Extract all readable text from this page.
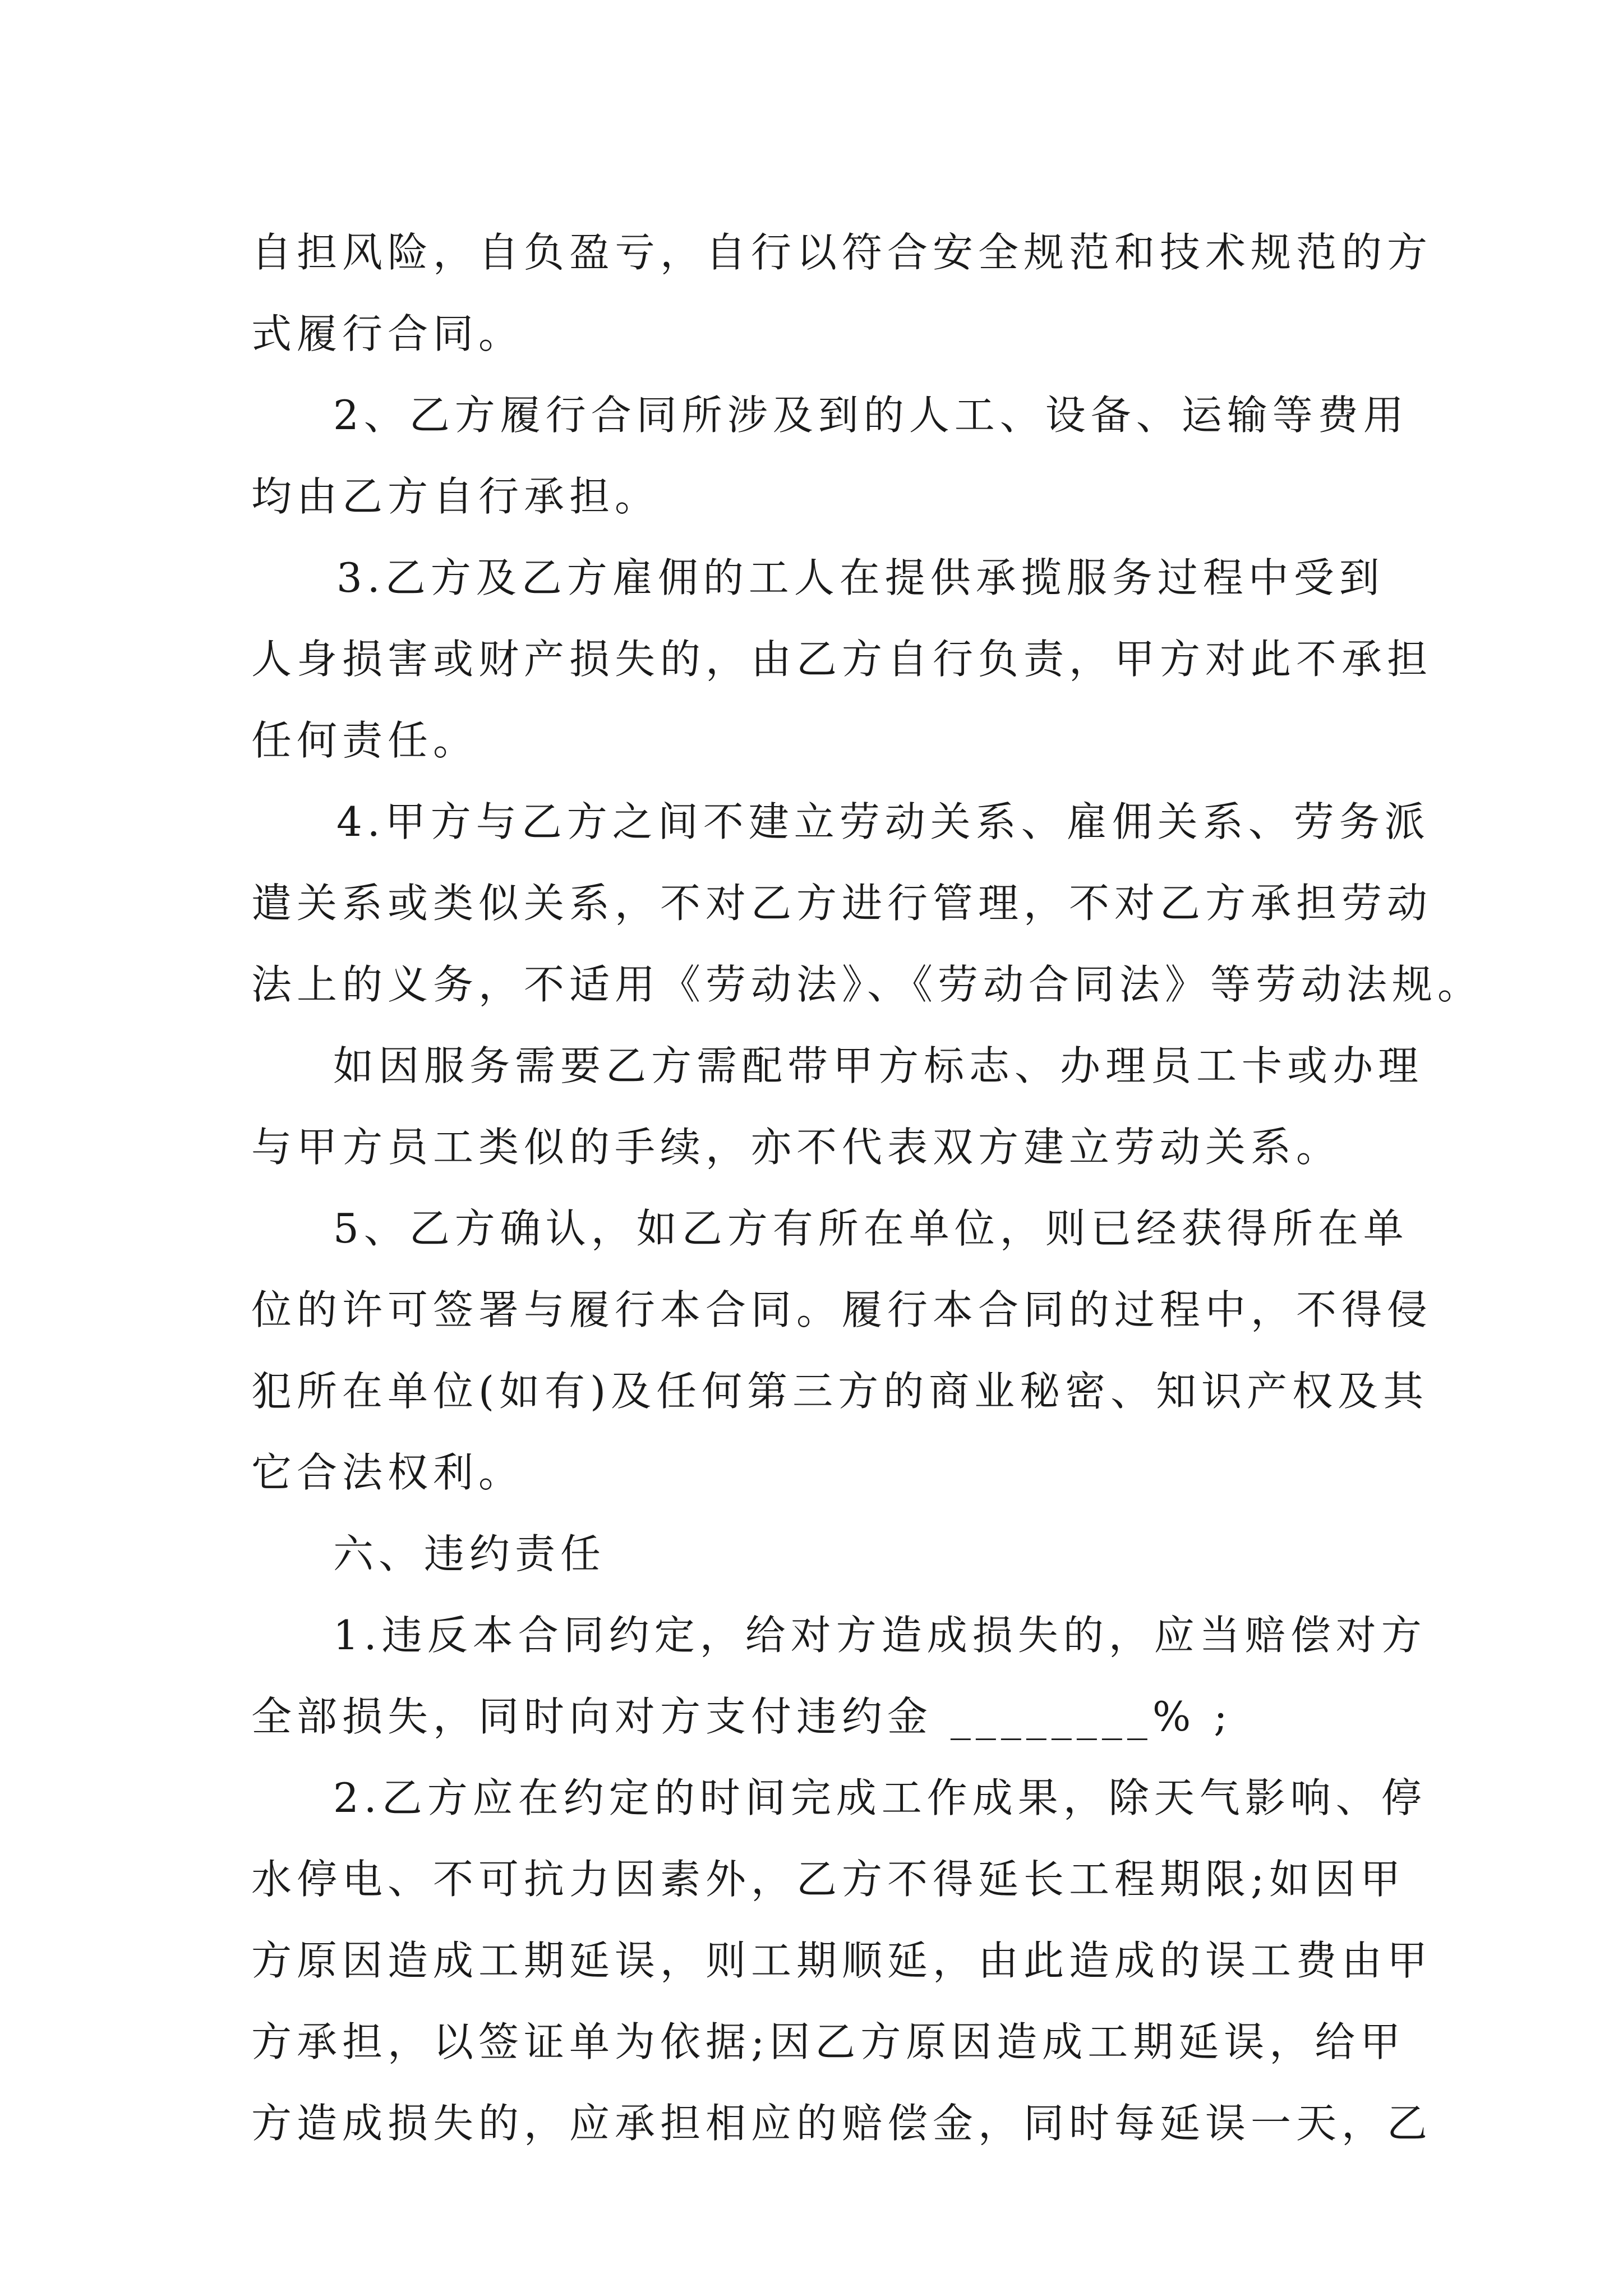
自担风险，自负盈亏，自行以符合安全规范和技术规范的方
式履行合同。
2、乙方履行合同所涉及到的人工、设备、运输等费用
均由乙方自行承担。
3.乙方及乙方雇佣的工人在提供承揽服务过程中受到
人身损害或财产损失的，由乙方自行负责，甲方对此不承担
任何责任。
4.甲方与乙方之间不建立劳动关系、雇佣关系、劳务派
遣关系或类似关系，不对乙方进行管理，不对乙方承担劳动
法上的义务，不适用《劳动法》、《劳动合同法》等劳动法规。
如因服务需要乙方需配带甲方标志、办理员工卡或办理
与甲方员工类似的手续，亦不代表双方建立劳动关系。
5、乙方确认，如乙方有所在单位，则已经获得所在单
位的许可签署与履行本合同。履行本合同的过程中，不得侵
犯所在单位(如有)及任何第三方的商业秘密、知识产权及其
它合法权利。
六、违约责任
1.违反本合同约定，给对方造成损失的，应当赔偿对方
全部损失，同时向对方支付违约金 ________% ;
2.乙方应在约定的时间完成工作成果，除天气影响、停
水停电、不可抗力因素外，乙方不得延长工程期限;如因甲
方原因造成工期延误，则工期顺延，由此造成的误工费由甲
方承担，以签证单为依据;因乙方原因造成工期延误，给甲
方造成损失的，应承担相应的赔偿金，同时每延误一天，乙
